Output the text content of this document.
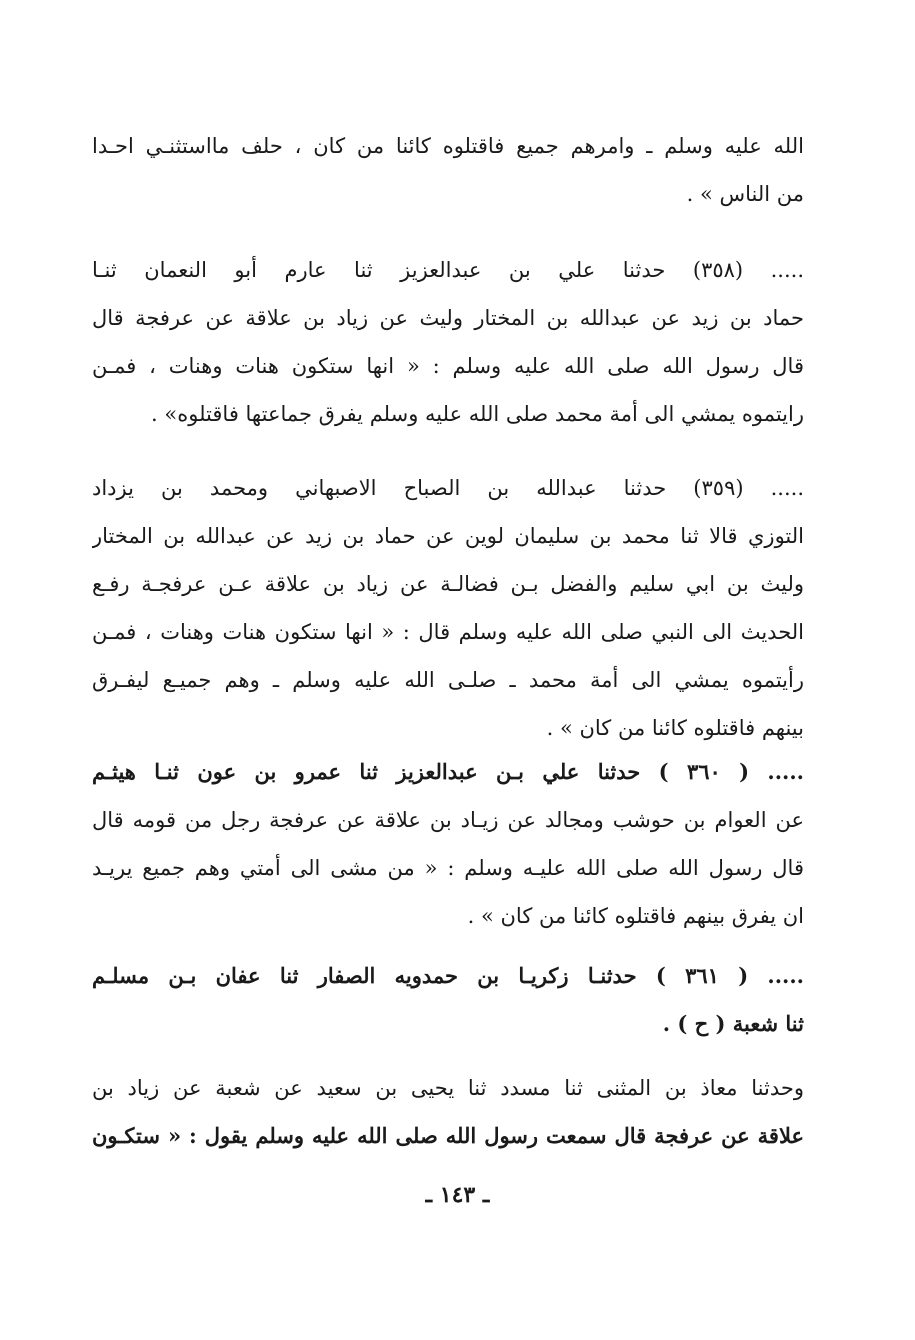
الله عليه وسلم ـ وامرهم جميع فاقتلوه كائنا من كان ، حلف مااستثنـي احـدا
من الناس » .
..... (٣٥٨) حدثنا علي بن عبدالعزيز ثنا عارم أبو النعمان ثنـا
حماد بن زيد عن عبدالله بن المختار وليث عن زياد بن علاقة عن عرفجة قال
قال رسول الله صلى الله عليه وسلم : « انها ستكون هنات وهنات ، فمـن
رايتموه يمشي الى أمة محمد صلى الله عليه وسلم يفرق جماعتها فاقتلوه» .
..... (٣٥٩) حدثنا عبدالله بن الصباح الاصبهاني ومحمد بن يزداد
التوزي قالا ثنا محمد بن سليمان لوين عن حماد بن زيد عن عبدالله بن المختار
وليث بن ابي سليم والفضل بـن فضالـة عن زياد بن علاقة عـن عرفجـة رفـع
الحديث الى النبي صلى الله عليه وسلم قال : « انها ستكون هنات وهنات ، فمـن
رأيتموه يمشي الى أمة محمد ـ صلـى الله عليه وسلم ـ وهم جميـع ليفـرق
بينهم فاقتلوه كائنا من كان » .
..... ( ٣٦٠ ) حدثنا علي بـن عبدالعزيز ثنا عمرو بن عون ثنـا هيثـم
عن العوام بن حوشب ومجالد عن زيـاد بن علاقة عن عرفجة رجل من قومه قال
قال رسول الله صلى الله عليـه وسلم : « من مشى الى أمتي وهم جميع يريـد
ان يفرق بينهم فاقتلوه كائنا من كان » .
..... ( ٣٦١ ) حدثنـا زكريـا بن حمدويه الصفار ثنا عفان بـن مسلـم
ثنا شعبة ( ح ) .
وحدثنا معاذ بن المثنى ثنا مسدد ثنا يحيى بن سعيد عن شعبة عن زياد بن
علاقة عن عرفجة قال سمعت رسول الله صلى الله عليه وسلم يقول : « ستكـون
ـ ١٤٣ ـ
